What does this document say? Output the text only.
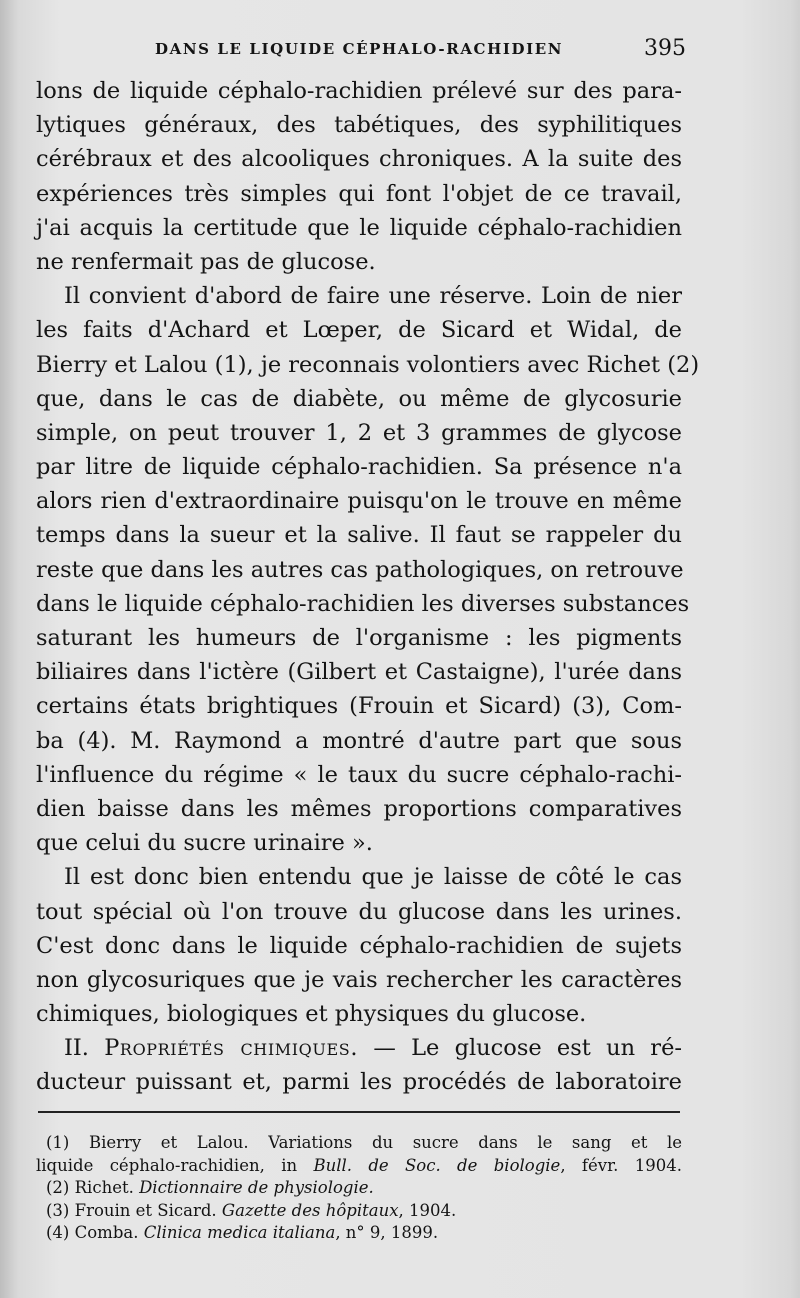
DANS LE LIQUIDE CÉPHALO-RACHIDIEN	395
lons de liquide céphalo-rachidien prélevé sur des para-
lytiques généraux, des tabétiques, des syphilitiques
cérébraux et des alcooliques chroniques. A la suite des
expériences très simples qui font l'objet de ce travail,
j'ai acquis la certitude que le liquide céphalo-rachidien
ne renfermait pas de glucose.
Il convient d'abord de faire une réserve. Loin de nier
les faits d'Achard et Lœper, de Sicard et Widal, de
Bierry et Lalou (1), je reconnais volontiers avec Richet (2)
que, dans le cas de diabète, ou même de glycosurie
simple, on peut trouver 1, 2 et 3 grammes de glycose
par litre de liquide céphalo-rachidien. Sa présence n'a
alors rien d'extraordinaire puisqu'on le trouve en même
temps dans la sueur et la salive. Il faut se rappeler du
reste que dans les autres cas pathologiques, on retrouve
dans le liquide céphalo-rachidien les diverses substances
saturant les humeurs de l'organisme : les pigments
biliaires dans l'ictère (Gilbert et Castaigne), l'urée dans
certains états brightiques (Frouin et Sicard) (3), Com-
ba (4). M. Raymond a montré d'autre part que sous
l'influence du régime « le taux du sucre céphalo-rachi-
dien baisse dans les mêmes proportions comparatives
que celui du sucre urinaire ».
Il est donc bien entendu que je laisse de côté le cas
tout spécial où l'on trouve du glucose dans les urines.
C'est donc dans le liquide céphalo-rachidien de sujets
non glycosuriques que je vais rechercher les caractères
chimiques, biologiques et physiques du glucose.
II. Propriétés chimiques. — Le glucose est un ré-
ducteur puissant et, parmi les procédés de laboratoire
(1) Bierry et Lalou. Variations du sucre dans le sang et le
liquide céphalo-rachidien, in Bull. de Soc. de biologie, févr. 1904.
(2) Richet. Dictionnaire de physiologie.
(3) Frouin et Sicard. Gazette des hôpitaux, 1904.
(4) Comba. Clinica medica italiana, n° 9, 1899.
